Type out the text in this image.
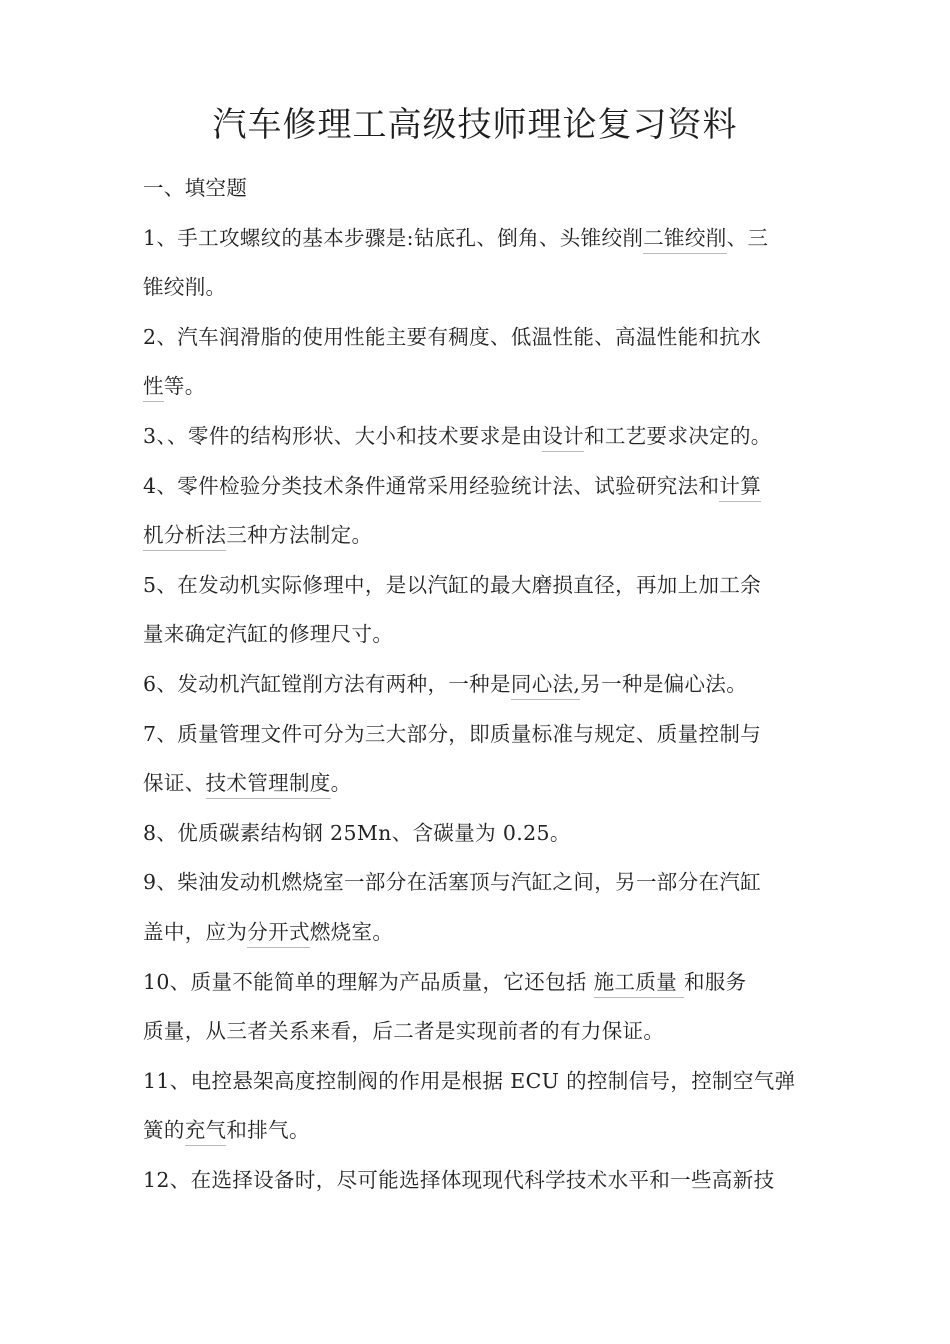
汽车修理工高级技师理论复习资料
一、填空题
1、手工攻螺纹的基本步骤是:钻底孔、倒角、头锥绞削二锥绞削、三
锥绞削。
2、汽车润滑脂的使用性能主要有稠度、低温性能、高温性能和抗水
性等。
3、、零件的结构形状、大小和技术要求是由设计和工艺要求决定的。
4、零件检验分类技术条件通常采用经验统计法、试验研究法和计算
机分析法三种方法制定。
5、在发动机实际修理中，是以汽缸的最大磨损直径，再加上加工余
量来确定汽缸的修理尺寸。
6、发动机汽缸镗削方法有两种，一种是同心法,另一种是偏心法。
7、质量管理文件可分为三大部分，即质量标准与规定、质量控制与
保证、技术管理制度。
8、优质碳素结构钢 25Mn、含碳量为 0.25。
9、柴油发动机燃烧室一部分在活塞顶与汽缸之间，另一部分在汽缸
盖中，应为分开式燃烧室。
10、质量不能简单的理解为产品质量，它还包括 施工质量 和服务
质量，从三者关系来看，后二者是实现前者的有力保证。
11、电控悬架高度控制阀的作用是根据 ECU 的控制信号，控制空气弹
簧的充气和排气。
12、在选择设备时，尽可能选择体现现代科学技术水平和一些高新技
